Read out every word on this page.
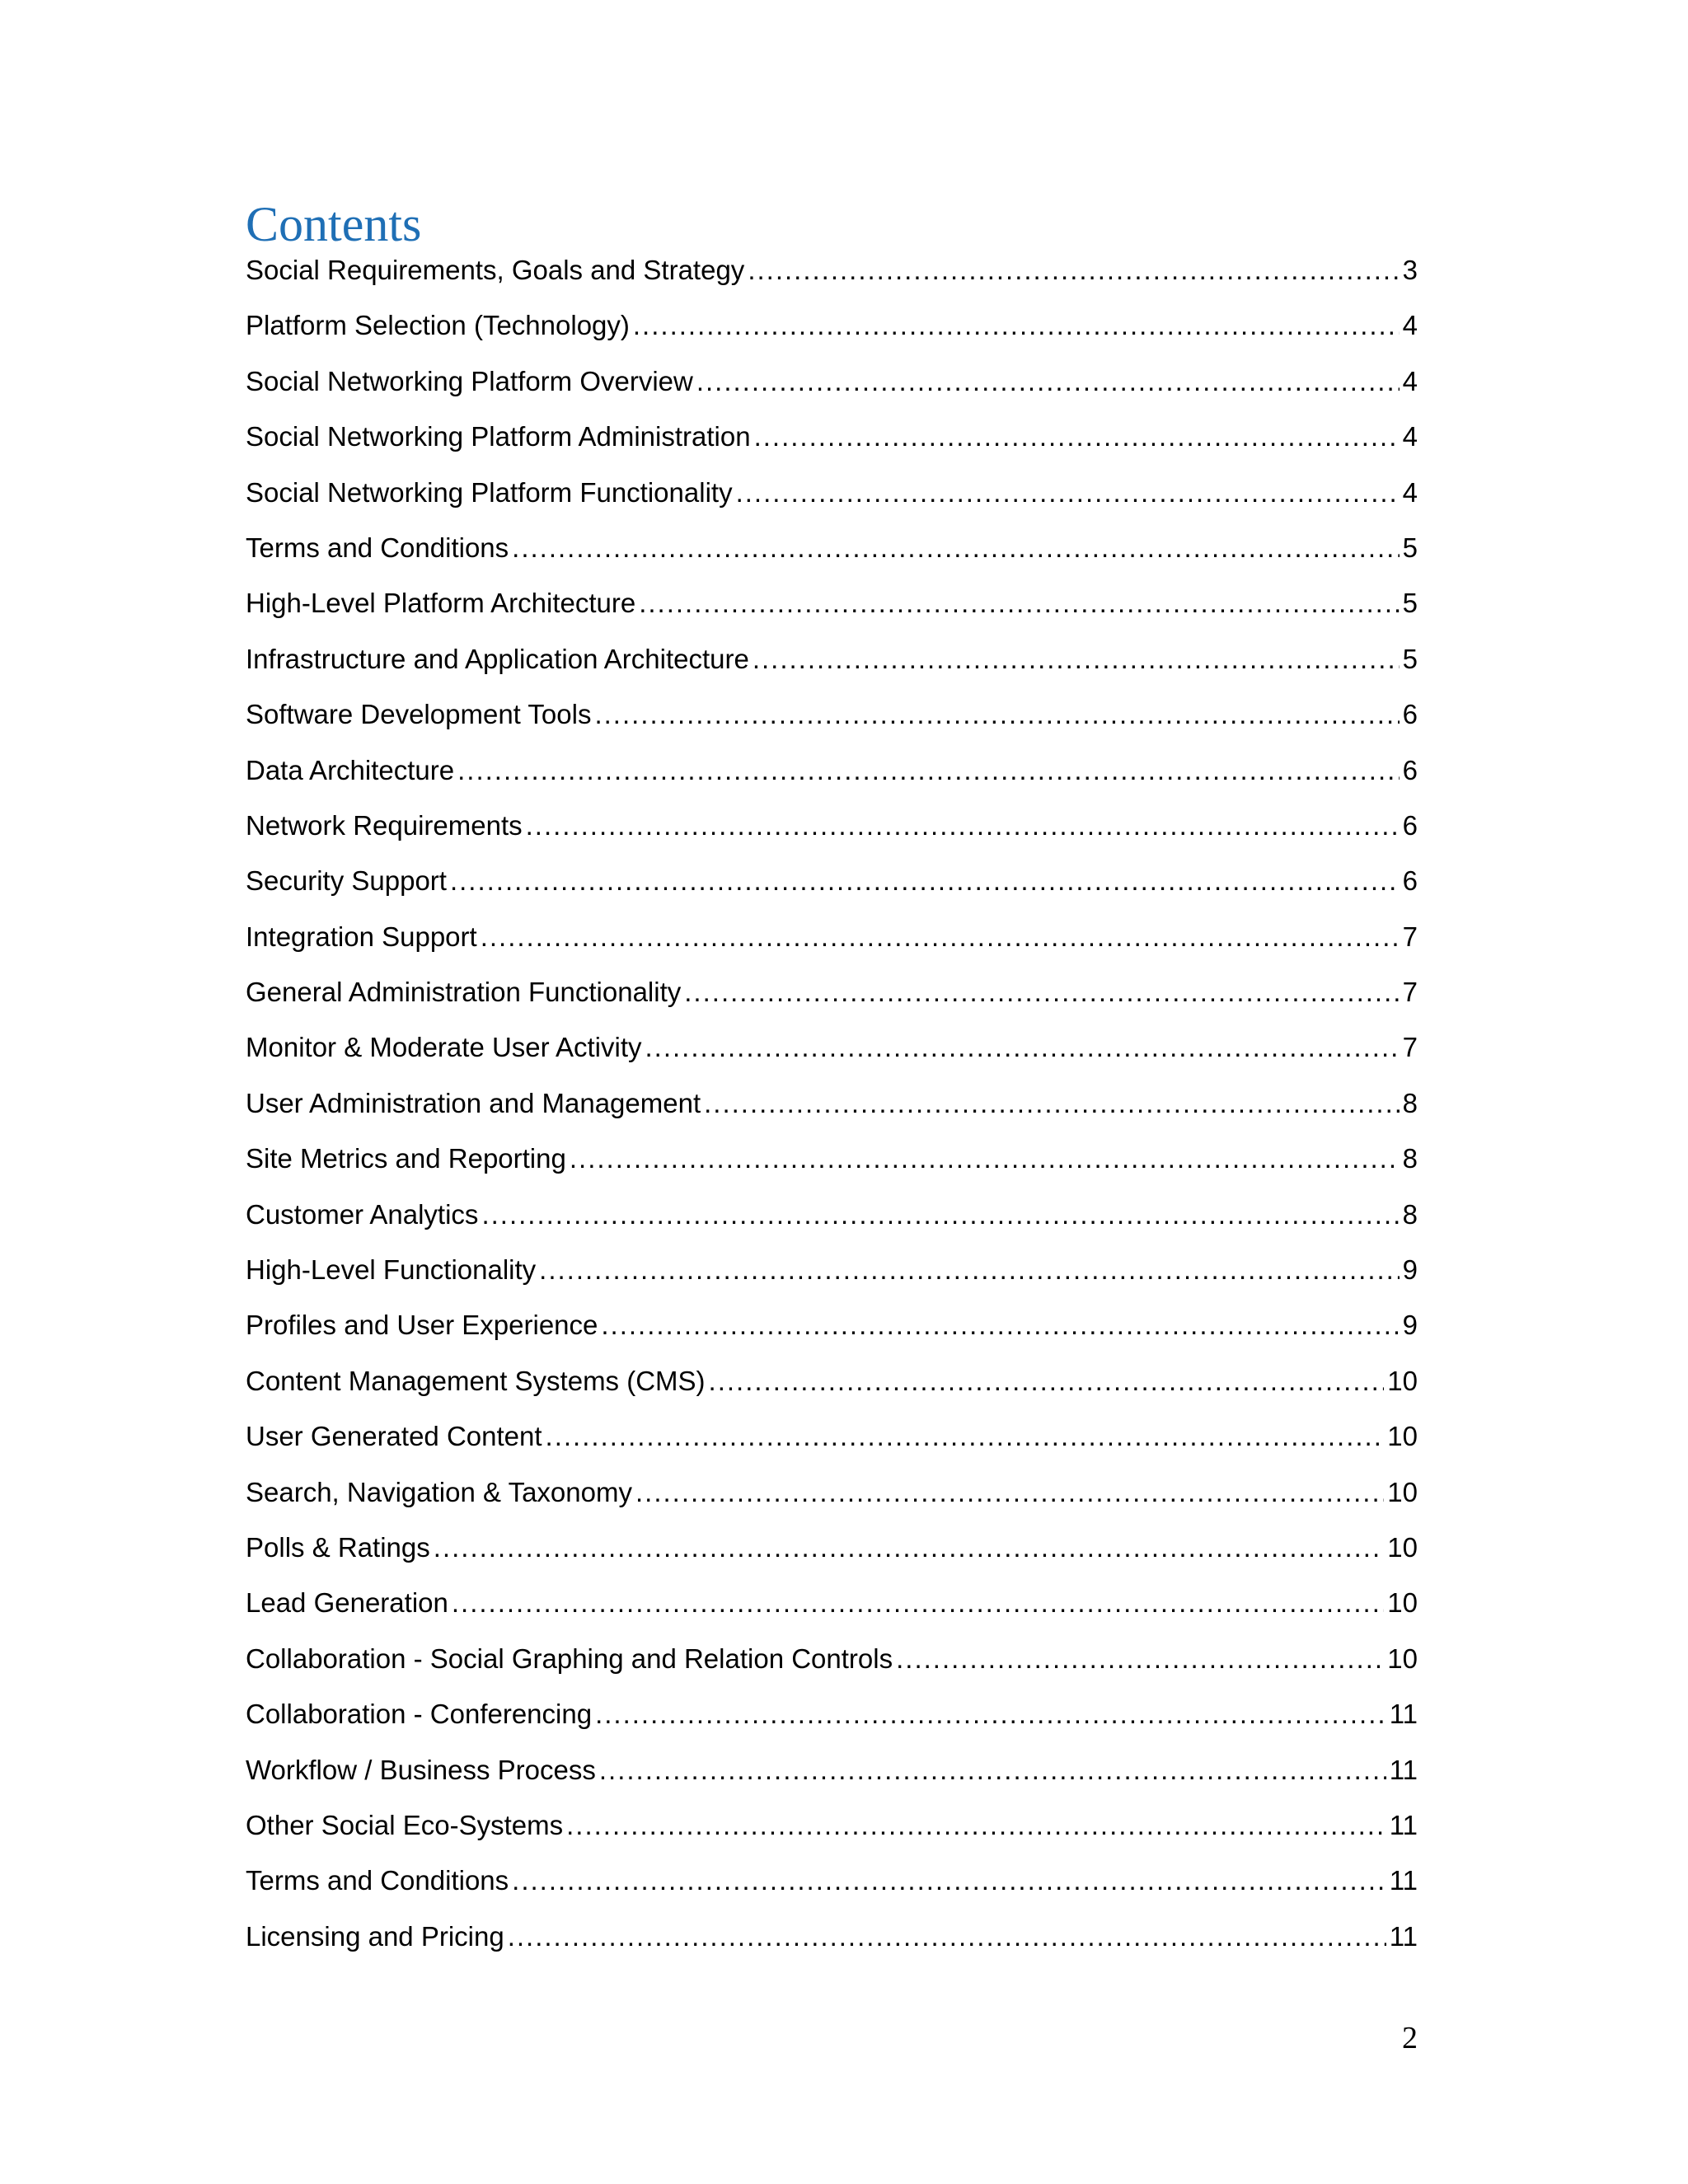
Contents
Social Requirements, Goals and Strategy .....	3
Platform Selection (Technology) .....	4
Social Networking Platform Overview .....	4
Social Networking Platform Administration .....	4
Social Networking Platform Functionality .....	4
Terms and Conditions .....	5
High-Level Platform Architecture .....	5
Infrastructure and Application Architecture .....	5
Software Development Tools .....	6
Data Architecture .....	6
Network Requirements .....	6
Security Support .....	6
Integration Support .....	7
General Administration Functionality .....	7
Monitor & Moderate User Activity .....	7
User Administration and Management .....	8
Site Metrics and Reporting .....	8
Customer Analytics .....	8
High-Level Functionality .....	9
Profiles and User Experience .....	9
Content Management Systems (CMS) .....	10
User Generated Content .....	10
Search, Navigation & Taxonomy .....	10
Polls & Ratings .....	10
Lead Generation .....	10
Collaboration - Social Graphing and Relation Controls .....	10
Collaboration - Conferencing .....	11
Workflow / Business Process .....	11
Other Social Eco-Systems .....	11
Terms and Conditions .....	11
Licensing and Pricing .....	11
2
